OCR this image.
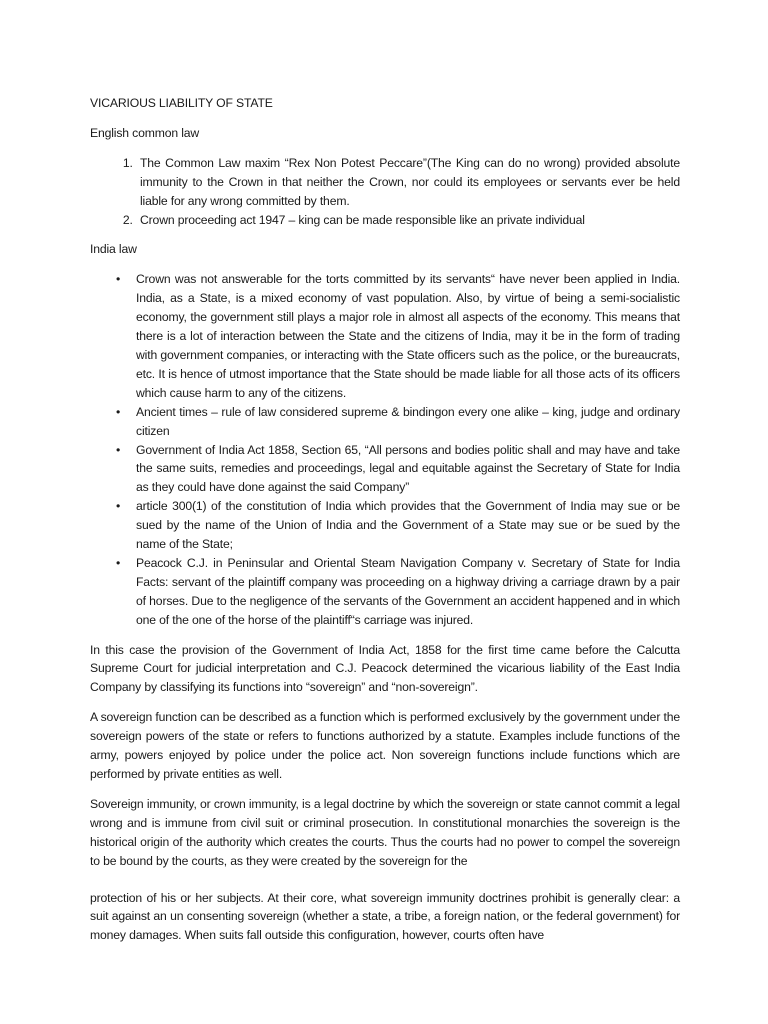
VICARIOUS LIABILITY OF STATE
English common law
1. The Common Law maxim “Rex Non Potest Peccare”(The King can do no wrong) provided absolute immunity to the Crown in that neither the Crown, nor could its employees or servants ever be held liable for any wrong committed by them.
2. Crown proceeding act 1947 – king can be made responsible like an private individual
India law
• Crown was not answerable for the torts committed by its servants“ have never been applied in India. India, as a State, is a mixed economy of vast population. Also, by virtue of being a semi-socialistic economy, the government still plays a major role in almost all aspects of the economy. This means that there is a lot of interaction between the State and the citizens of India, may it be in the form of trading with government companies, or interacting with the State officers such as the police, or the bureaucrats, etc. It is hence of utmost importance that the State should be made liable for all those acts of its officers which cause harm to any of the citizens.
• Ancient times – rule of law considered supreme & bindingon every one alike – king, judge and ordinary citizen
• Government of India Act 1858, Section 65, “All persons and bodies politic shall and may have and take the same suits, remedies and proceedings, legal and equitable against the Secretary of State for India as they could have done against the said Company”
• article 300(1) of the constitution of India which provides that the Government of India may sue or be sued by the name of the Union of India and the Government of a State may sue or be sued by the name of the State;
• Peacock C.J. in Peninsular and Oriental Steam Navigation Company v. Secretary of State for India Facts: servant of the plaintiff company was proceeding on a highway driving a carriage drawn by a pair of horses. Due to the negligence of the servants of the Government an accident happened and in which one of the one of the horse of the plaintiff“s carriage was injured.

In this case the provision of the Government of India Act, 1858 for the first time came before the Calcutta Supreme Court for judicial interpretation and C.J. Peacock determined the vicarious liability of the East India Company by classifying its functions into “sovereign” and “non-sovereign”.

A sovereign function can be described as a function which is performed exclusively by the government under the sovereign powers of the state or refers to functions authorized by a statute. Examples include functions of the army, powers enjoyed by police under the police act. Non sovereign functions include functions which are performed by private entities as well.

Sovereign immunity, or crown immunity, is a legal doctrine by which the sovereign or state cannot commit a legal wrong and is immune from civil suit or criminal prosecution. In constitutional monarchies the sovereign is the historical origin of the authority which creates the courts. Thus the courts had no power to compel the sovereign to be bound by the courts, as they were created by the sovereign for the

protection of his or her subjects. At their core, what sovereign immunity doctrines prohibit is generally clear: a suit against an un consenting sovereign (whether a state, a tribe, a foreign nation, or the federal government) for money damages. When suits fall outside this configuration, however, courts often have
